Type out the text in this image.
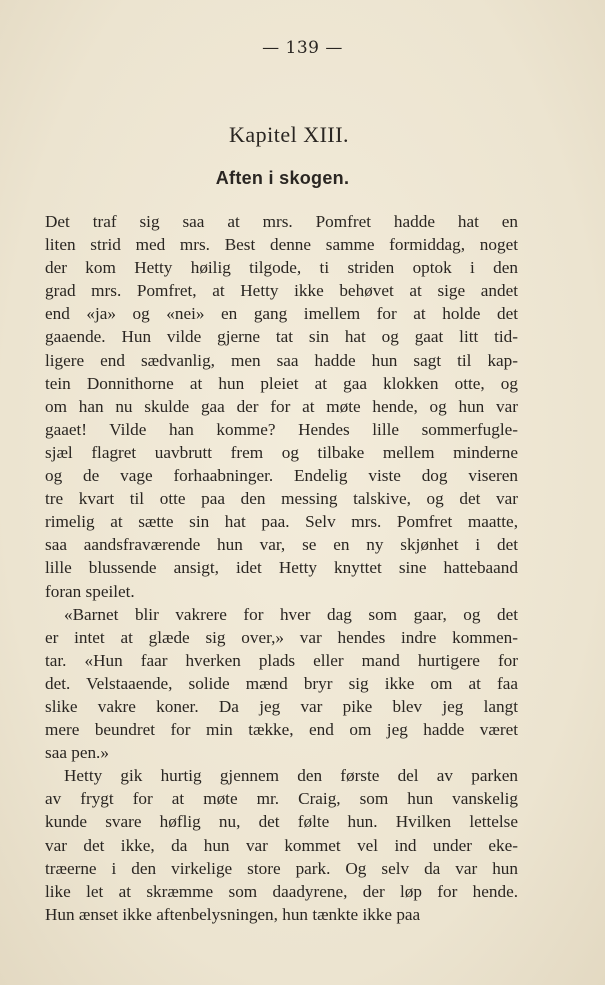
— 139 —
Kapitel XIII.
Aften i skogen.
Det traf sig saa at mrs. Pomfret hadde hat en
liten strid med mrs. Best denne samme formiddag, noget
der kom Hetty høilig tilgode, ti striden optok i den
grad mrs. Pomfret, at Hetty ikke behøvet at sige andet
end «ja» og «nei» en gang imellem for at holde det
gaaende. Hun vilde gjerne tat sin hat og gaat litt tid-
ligere end sædvanlig, men saa hadde hun sagt til kap-
tein Donnithorne at hun pleiet at gaa klokken otte, og
om han nu skulde gaa der for at møte hende, og hun var
gaaet! Vilde han komme? Hendes lille sommerfugle-
sjæl flagret uavbrutt frem og tilbake mellem minderne
og de vage forhaabninger. Endelig viste dog viseren
tre kvart til otte paa den messing talskive, og det var
rimelig at sætte sin hat paa. Selv mrs. Pomfret maatte,
saa aandsfraværende hun var, se en ny skjønhet i det
lille blussende ansigt, idet Hetty knyttet sine hattebaand
foran speilet.
«Barnet blir vakrere for hver dag som gaar, og det
er intet at glæde sig over,» var hendes indre kommen-
tar. «Hun faar hverken plads eller mand hurtigere for
det. Velstaaende, solide mænd bryr sig ikke om at faa
slike vakre koner. Da jeg var pike blev jeg langt
mere beundret for min tække, end om jeg hadde været
saa pen.»
Hetty gik hurtig gjennem den første del av parken
av frygt for at møte mr. Craig, som hun vanskelig
kunde svare høflig nu, det følte hun. Hvilken lettelse
var det ikke, da hun var kommet vel ind under eke-
træerne i den virkelige store park. Og selv da var hun
like let at skræmme som daadyrene, der løp for hende.
Hun ænset ikke aftenbelysningen, hun tænkte ikke paa
